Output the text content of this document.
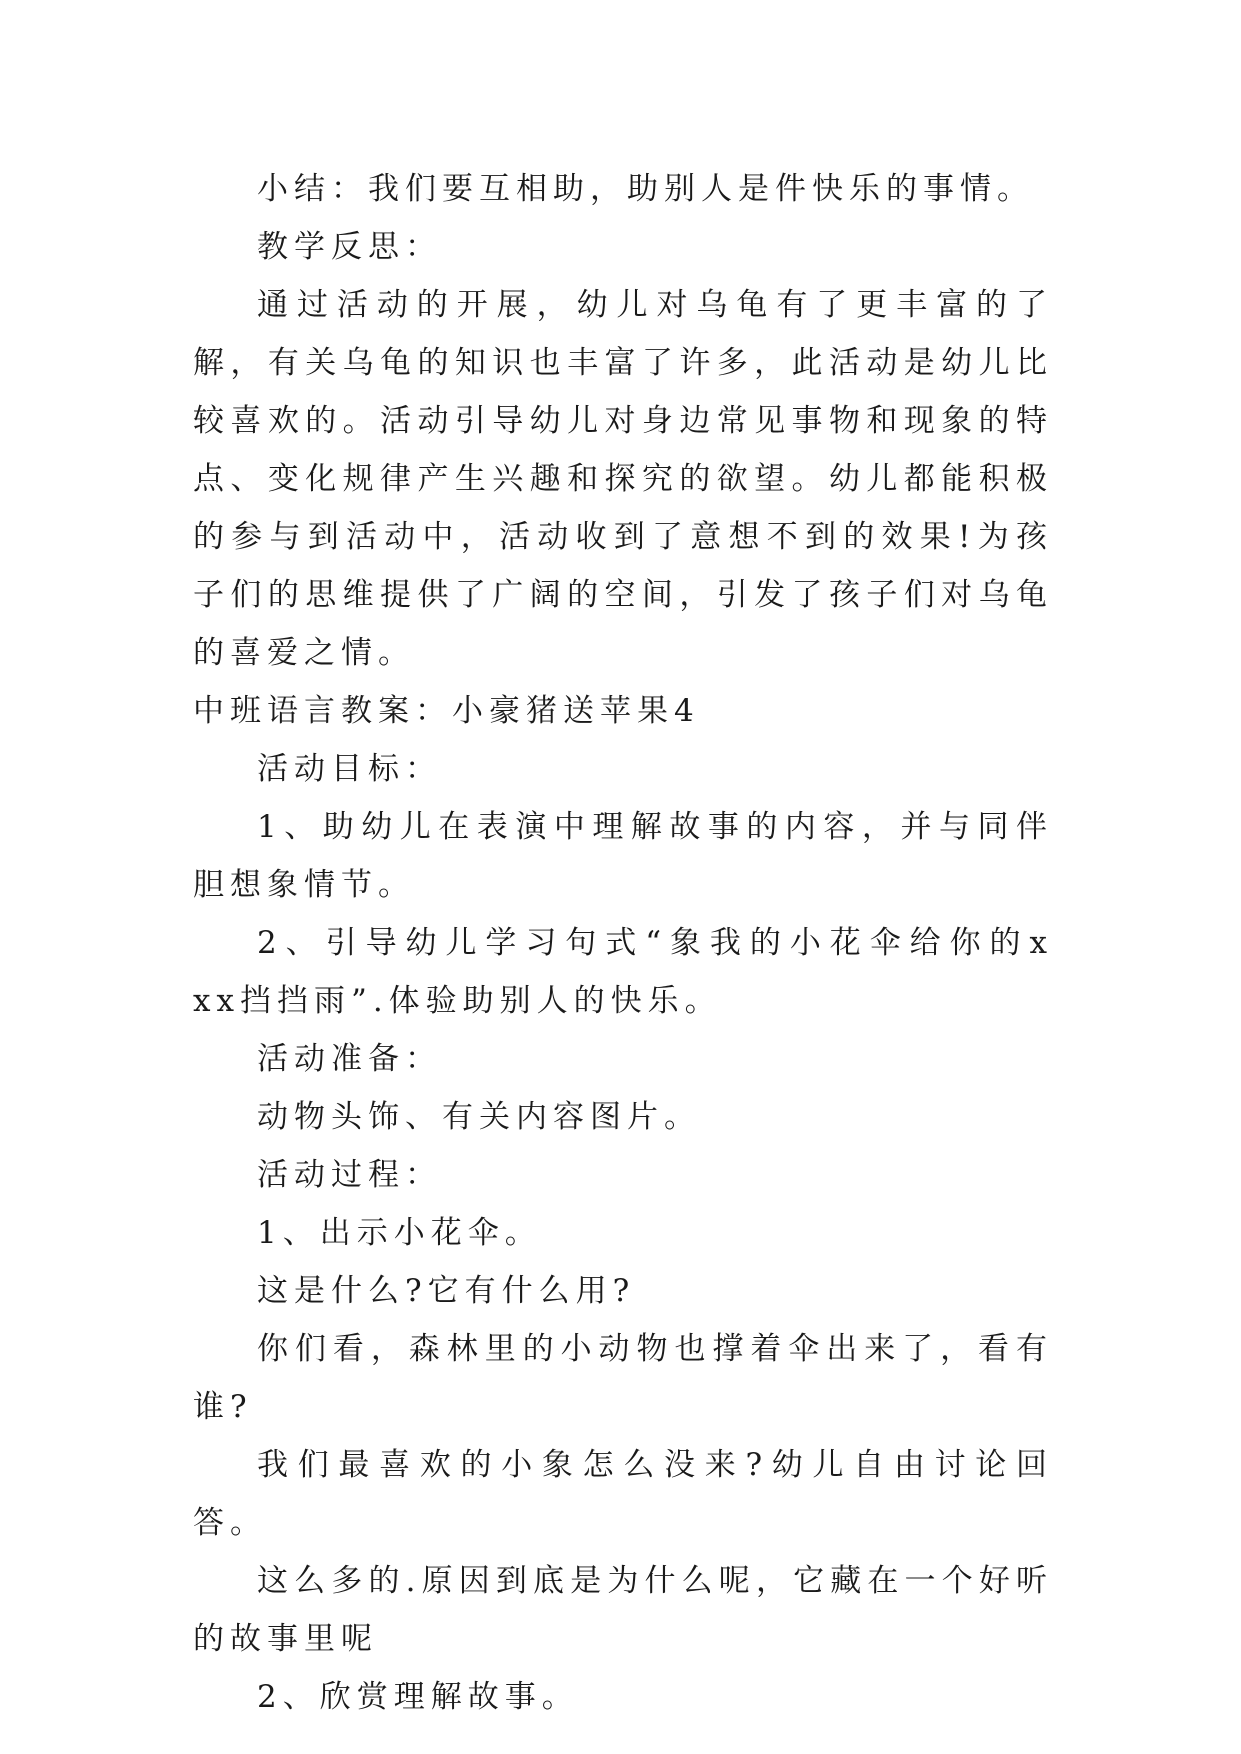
小结：我们要互相助，助别人是件快乐的事情。

教学反思：

通过活动的开展，幼儿对乌龟有了更丰富的了解，有关乌龟的知识也丰富了许多，此活动是幼儿比较喜欢的。活动引导幼儿对身边常见事物和现象的特点、变化规律产生兴趣和探究的欲望。幼儿都能积极的参与到活动中，活动收到了意想不到的效果!为孩子们的思维提供了广阔的空间，引发了孩子们对乌龟的喜爱之情。

中班语言教案：小豪猪送苹果4

活动目标：

1、助幼儿在表演中理解故事的内容，并与同伴胆想象情节。

2、引导幼儿学习句式“象我的小花伞给你的x xx挡挡雨”.体验助别人的快乐。

活动准备：

动物头饰、有关内容图片。

活动过程：

1、出示小花伞。

这是什么?它有什么用?

你们看，森林里的小动物也撑着伞出来了，看有谁?

我们最喜欢的小象怎么没来?幼儿自由讨论回答。

这么多的.原因到底是为什么呢，它藏在一个好听的故事里呢

2、欣赏理解故事。
